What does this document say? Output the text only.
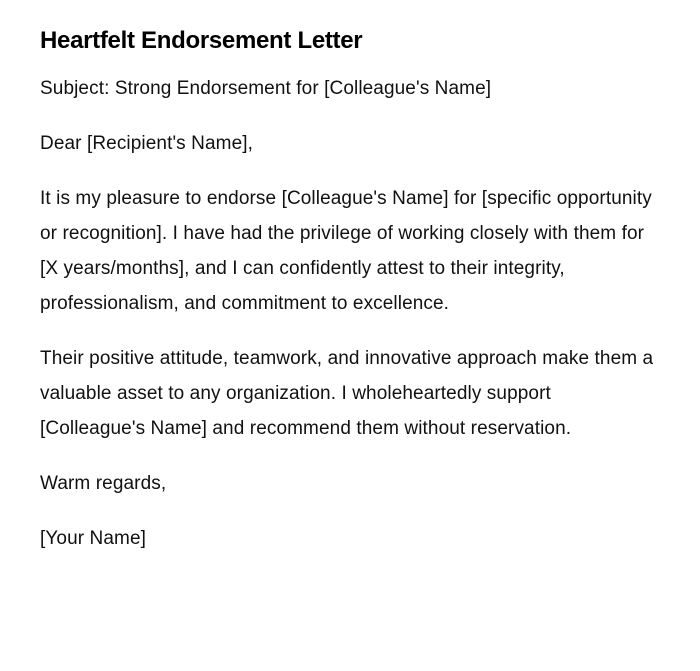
Heartfelt Endorsement Letter

Subject: Strong Endorsement for [Colleague's Name]

Dear [Recipient's Name],

It is my pleasure to endorse [Colleague's Name] for [specific opportunity or recognition]. I have had the privilege of working closely with them for [X years/months], and I can confidently attest to their integrity, professionalism, and commitment to excellence.

Their positive attitude, teamwork, and innovative approach make them a valuable asset to any organization. I wholeheartedly support [Colleague's Name] and recommend them without reservation.

Warm regards,

[Your Name]
